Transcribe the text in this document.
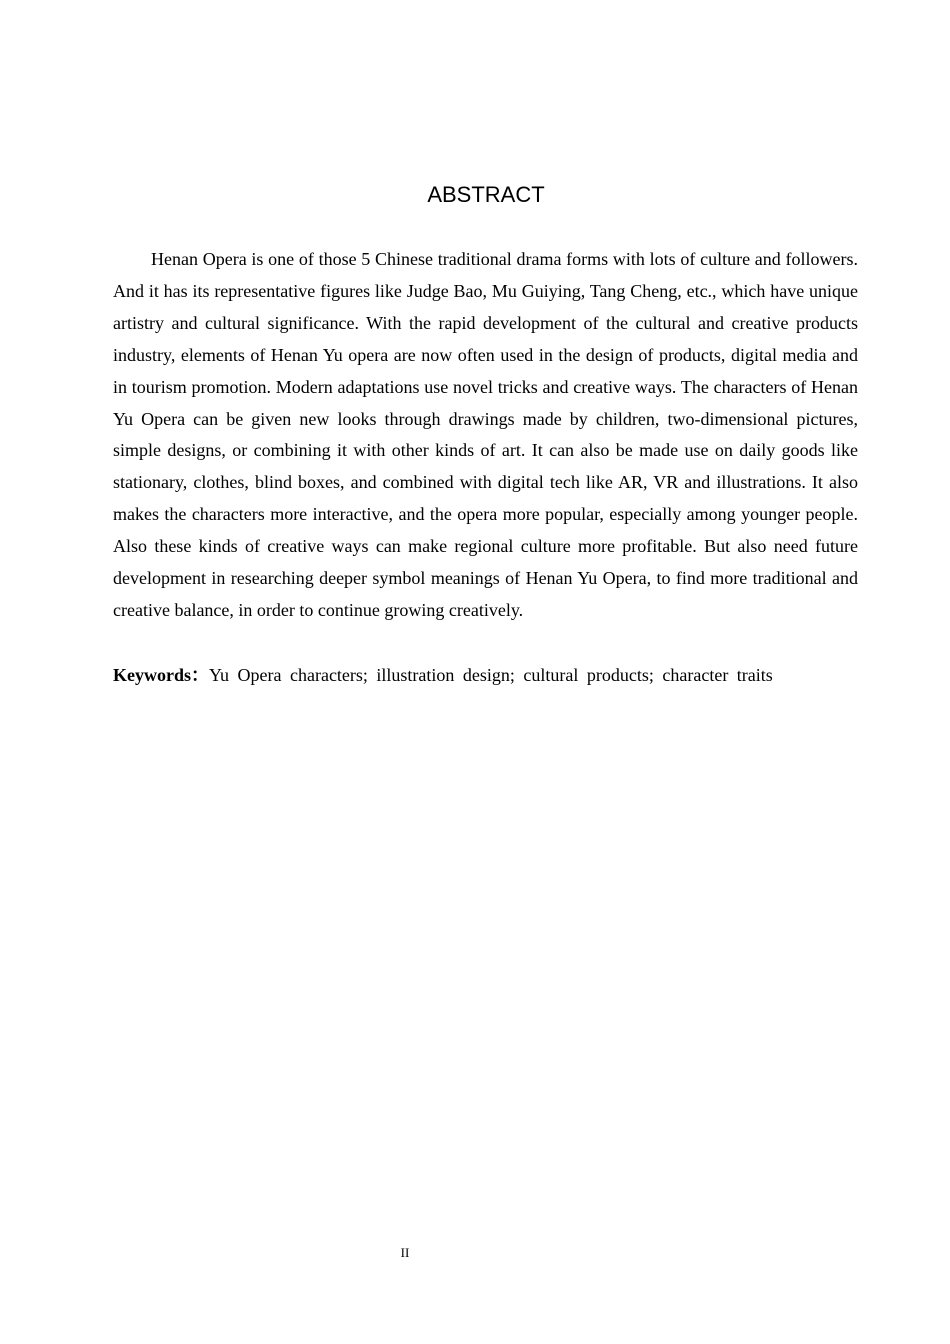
ABSTRACT

Henan Opera is one of those 5 Chinese traditional drama forms with lots of culture and followers. And it has its representative figures like Judge Bao, Mu Guiying, Tang Cheng, etc., which have unique artistry and cultural significance. With the rapid development of the cultural and creative products industry, elements of Henan Yu opera are now often used in the design of products, digital media and in tourism promotion. Modern adaptations use novel tricks and creative ways. The characters of Henan Yu Opera can be given new looks through drawings made by children, two-dimensional pictures, simple designs, or combining it with other kinds of art. It can also be made use on daily goods like stationary, clothes, blind boxes, and combined with digital tech like AR, VR and illustrations. It also makes the characters more interactive, and the opera more popular, especially among younger people. Also these kinds of creative ways can make regional culture more profitable. But also need future development in researching deeper symbol meanings of Henan Yu Opera, to find more traditional and creative balance, in order to continue growing creatively.

Keywords：Yu Opera characters; illustration design; cultural products; character traits
II
